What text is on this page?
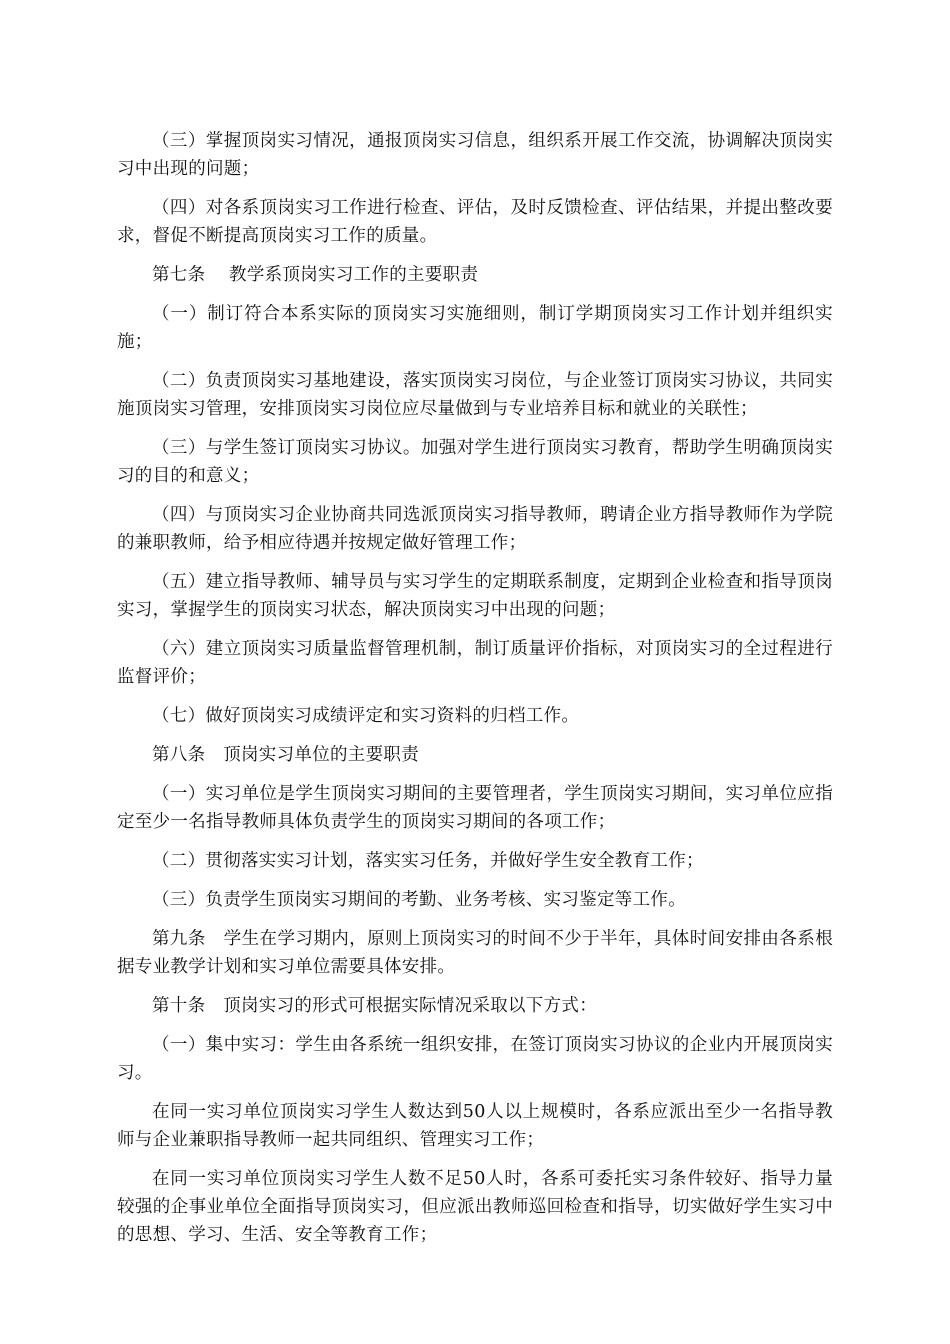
（三）掌握顶岗实习情况，通报顶岗实习信息，组织系开展工作交流，协调解决顶岗实习中出现的问题；

（四）对各系顶岗实习工作进行检查、评估，及时反馈检查、评估结果，并提出整改要求，督促不断提高顶岗实习工作的质量。

第七条　 教学系顶岗实习工作的主要职责

（一）制订符合本系实际的顶岗实习实施细则，制订学期顶岗实习工作计划并组织实施；

（二）负责顶岗实习基地建设，落实顶岗实习岗位，与企业签订顶岗实习协议，共同实施顶岗实习管理，安排顶岗实习岗位应尽量做到与专业培养目标和就业的关联性；

（三）与学生签订顶岗实习协议。加强对学生进行顶岗实习教育，帮助学生明确顶岗实习的目的和意义；

（四）与顶岗实习企业协商共同选派顶岗实习指导教师，聘请企业方指导教师作为学院的兼职教师，给予相应待遇并按规定做好管理工作；

（五）建立指导教师、辅导员与实习学生的定期联系制度，定期到企业检查和指导顶岗实习，掌握学生的顶岗实习状态，解决顶岗实习中出现的问题；

（六）建立顶岗实习质量监督管理机制，制订质量评价指标，对顶岗实习的全过程进行监督评价；

（七）做好顶岗实习成绩评定和实习资料的归档工作。

第八条　顶岗实习单位的主要职责

（一）实习单位是学生顶岗实习期间的主要管理者，学生顶岗实习期间，实习单位应指定至少一名指导教师具体负责学生的顶岗实习期间的各项工作；

（二）贯彻落实实习计划，落实实习任务，并做好学生安全教育工作；

（三）负责学生顶岗实习期间的考勤、业务考核、实习鉴定等工作。

第九条　学生在学习期内，原则上顶岗实习的时间不少于半年，具体时间安排由各系根据专业教学计划和实习单位需要具体安排。

第十条　顶岗实习的形式可根据实际情况采取以下方式：

（一）集中实习：学生由各系统一组织安排，在签订顶岗实习协议的企业内开展顶岗实习。

在同一实习单位顶岗实习学生人数达到50人以上规模时，各系应派出至少一名指导教师与企业兼职指导教师一起共同组织、管理实习工作；

在同一实习单位顶岗实习学生人数不足50人时，各系可委托实习条件较好、指导力量较强的企事业单位全面指导顶岗实习，但应派出教师巡回检查和指导，切实做好学生实习中的思想、学习、生活、安全等教育工作；
